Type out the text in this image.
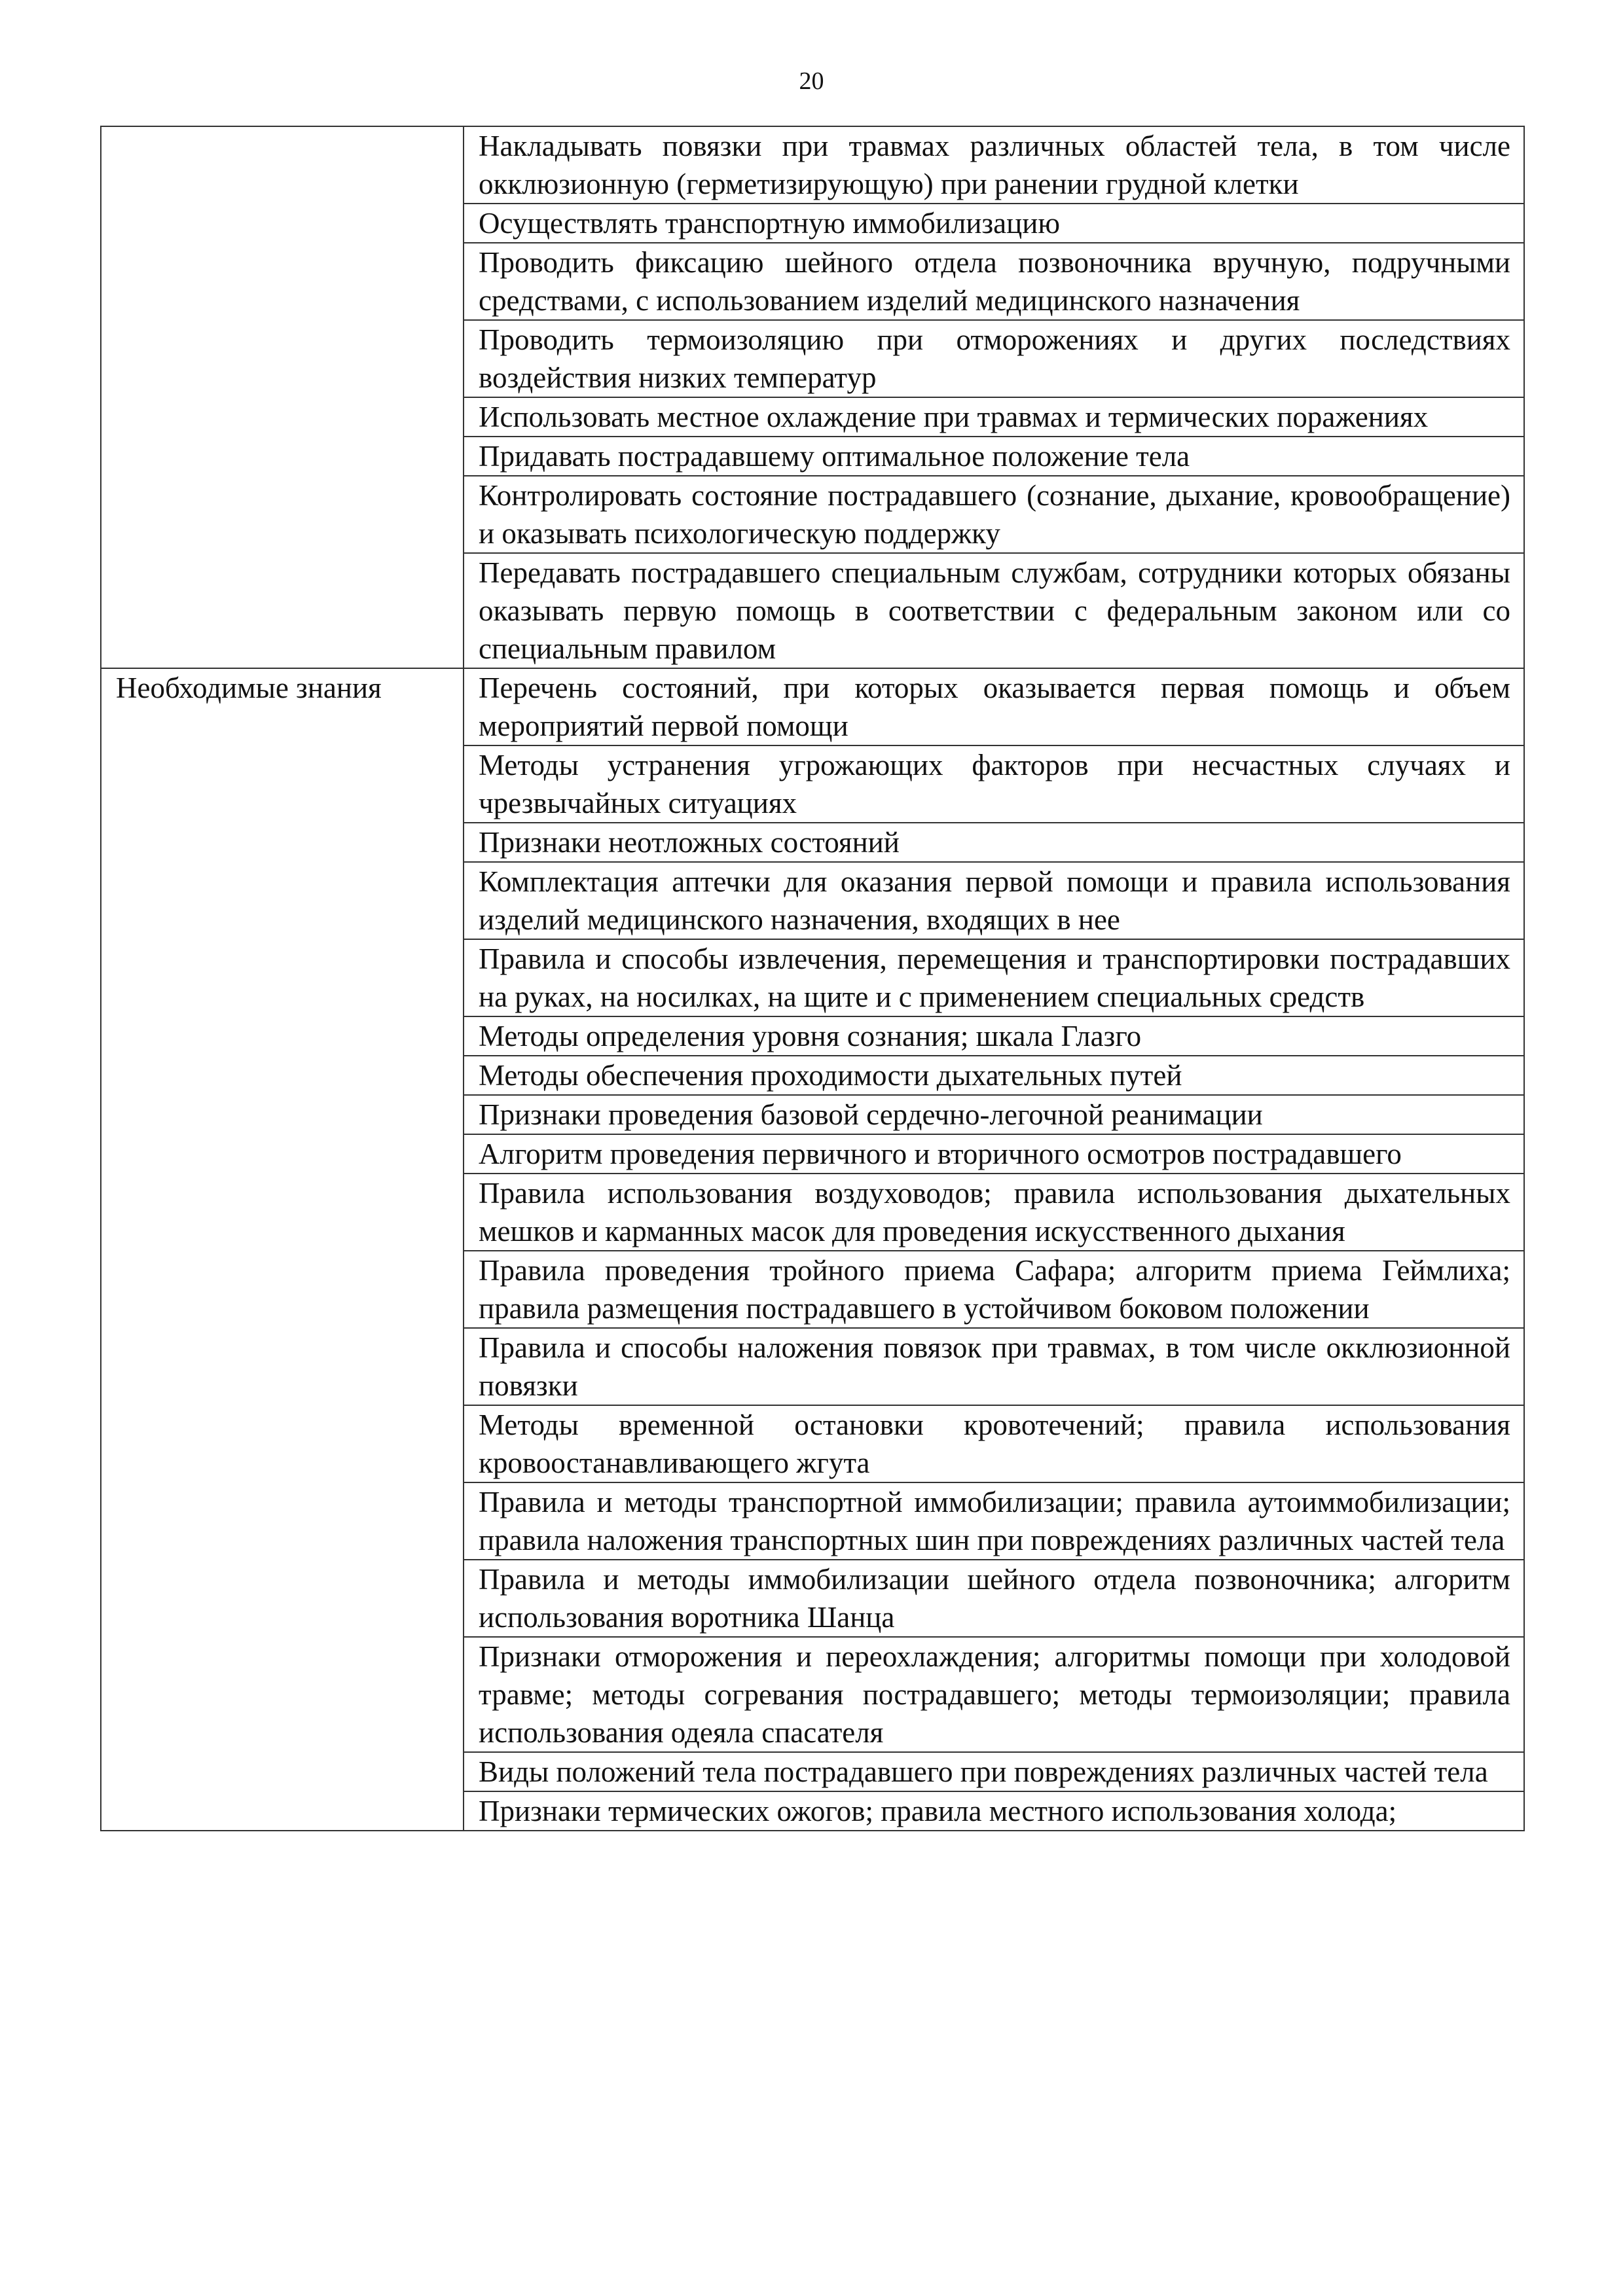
20
	Накладывать повязки при травмах различных областей тела, в том числе окклюзионную (герметизирующую) при ранении грудной клетки
	Осуществлять транспортную иммобилизацию
	Проводить фиксацию шейного отдела позвоночника вручную, подручными средствами, с использованием изделий медицинского назначения
	Проводить термоизоляцию при отморожениях и других последствиях воздействия низких температур
	Использовать местное охлаждение при травмах и термических поражениях
	Придавать пострадавшему оптимальное положение тела
	Контролировать состояние пострадавшего (сознание, дыхание, кровообращение) и оказывать психологическую поддержку
	Передавать пострадавшего специальным службам, сотрудники которых обязаны оказывать первую помощь в соответствии с федеральным законом или со специальным правилом
Необходимые знания	Перечень состояний, при которых оказывается первая помощь и объем мероприятий первой помощи
	Методы устранения угрожающих факторов при несчастных случаях и чрезвычайных ситуациях
	Признаки неотложных состояний
	Комплектация аптечки для оказания первой помощи и правила использования изделий медицинского назначения, входящих в нее
	Правила и способы извлечения, перемещения и транспортировки пострадавших на руках, на носилках, на щите и с применением специальных средств
	Методы определения уровня сознания; шкала Глазго
	Методы обеспечения проходимости дыхательных путей
	Признаки проведения базовой сердечно-легочной реанимации
	Алгоритм проведения первичного и вторичного осмотров пострадавшего
	Правила использования воздуховодов; правила использования дыхательных мешков и карманных масок для проведения искусственного дыхания
	Правила проведения тройного приема Сафара; алгоритм приема Геймлиха; правила размещения пострадавшего в устойчивом боковом положении
	Правила и способы наложения повязок при травмах, в том числе окклюзионной повязки
	Методы временной остановки кровотечений; правила использования кровоостанавливающего жгута
	Правила и методы транспортной иммобилизации; правила аутоиммобилизации; правила наложения транспортных шин при повреждениях различных частей тела
	Правила и методы иммобилизации шейного отдела позвоночника; алгоритм использования воротника Шанца
	Признаки отморожения и переохлаждения; алгоритмы помощи при холодовой травме; методы согревания пострадавшего; методы термоизоляции; правила использования одеяла спасателя
	Виды положений тела пострадавшего при повреждениях различных частей тела
	Признаки термических ожогов; правила местного использования холода;
